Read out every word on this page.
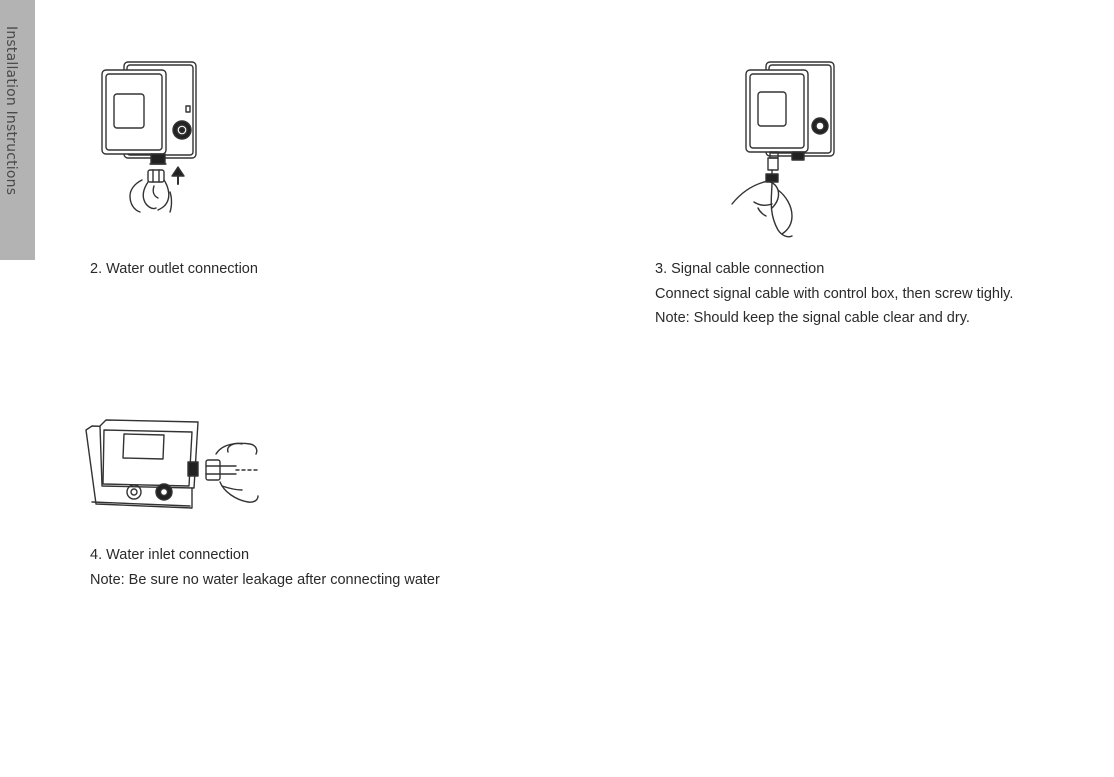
Installation Instructions

2. Water outlet connection	3. Signal cable connection

Connect signal cable with control box, then screw tighly.

Note: Should keep the signal cable clear and dry.

4. Water inlet connection

Note: Be sure no water leakage after connecting water
